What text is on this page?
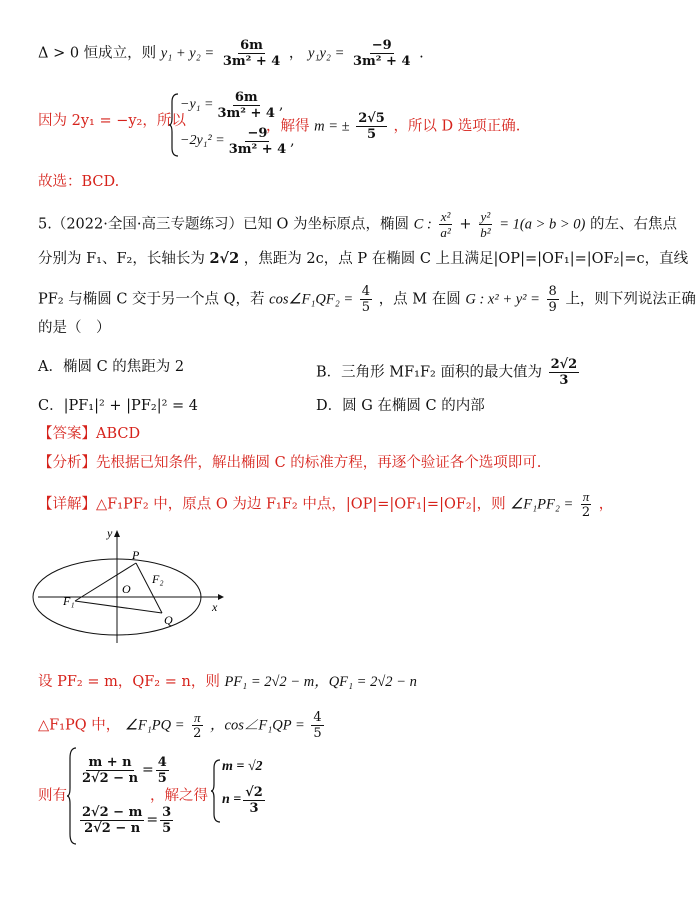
Δ > 0 恒成立，则 $y_1 + y_2 = \frac{6m}{\text{3m² + 4}}$ ， $y_1y_2 = \frac{-9}{\text{3m² + 4}}$ .
因为 2y₁ = −y₂，所以
$-y_1 = \frac{6m}{\text{3m² + 4}}$ ,
$-2y_1^2 = \frac{-9}{\text{3m² + 4}}$ ,
，解得 m = ± $\frac{2√5}{5}$ ，所以 D 选项正确.
故选：BCD.
5.（2022·全国·高三专题练习）已知 O 为坐标原点，椭圆 C : $\frac{\text{x²}}{\text{a²}} + \frac{\text{y²}}{\text{b²}} = 1(a > b > 0)$ 的左、右焦点
分别为 F₁、F₂，长轴长为 2√2 ，焦距为 2c，点 P 在椭圆 C 上且满足|OP|=|OF₁|=|OF₂|=c，直线
PF₂ 与椭圆 C 交于另一个点 Q，若 cos∠F₁QF₂ = $\frac{4}{5}$ ，点 M 在圆 G : $x^2 + y^2 = \frac{8}{9}$ 上，则下列说法正确
的是（　）
A．椭圆 C 的焦距为 2	B．三角形 MF₁F₂ 面积的最大值为 $\frac{2√2}{3}$
C．|PF₁|² + |PF₂|² = 4	D．圆 G 在椭圆 C 的内部
【答案】ABCD
【分析】先根据已知条件，解出椭圆 C 的标准方程，再逐个验证各个选项即可.
【详解】△F₁PF₂ 中，原点 O 为边 F₁F₂ 中点，|OP|=|OF₁|=|OF₂|，则 ∠F₁PF₂ = $\frac{\pi}{2}$ ，
y
x
P
O
F₁
F₂
Q
设 PF₂ = m，QF₂ = n，则 PF₁ = 2√2 − m，QF₁ = 2√2 − n
△F₁PQ 中， ∠F₁PQ = $\frac{\pi}{2}$ ，cos∠F₁QP = $\frac{4}{5}$
则有
$\frac{m + n}{2√2 - n} = \frac{4}{5}$
$\frac{2√2 - m}{2√2 - n} = \frac{3}{5}$
，解之得
m = √2
$n = \frac{√2}{3}$
